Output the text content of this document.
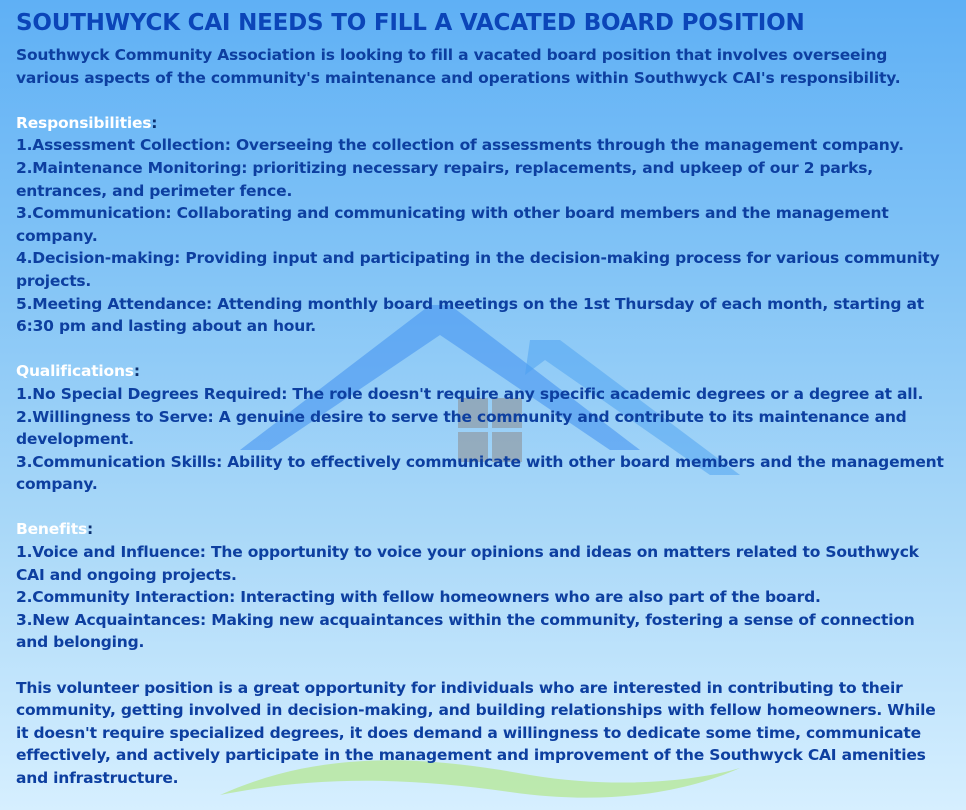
SOUTHWYCK CAI NEEDS TO FILL A VACATED BOARD POSITION

Southwyck Community Association is looking to fill a vacated board position that involves overseeing various aspects of the community's maintenance and operations within Southwyck CAI's responsibility.

Responsibilities:

1.Assessment Collection: Overseeing the collection of assessments through the management company.
2.Maintenance Monitoring: prioritizing necessary repairs, replacements, and upkeep of our 2 parks, entrances, and perimeter fence.
3.Communication: Collaborating and communicating with other board members and the management company.
4.Decision-making: Providing input and participating in the decision-making process for various community projects.
5.Meeting Attendance: Attending monthly board meetings on the 1st Thursday of each month, starting at 6:30 pm and lasting about an hour.

Qualifications:

1.No Special Degrees Required: The role doesn't require any specific academic degrees or a degree at all.
2.Willingness to Serve: A genuine desire to serve the community and contribute to its maintenance and development.
3.Communication Skills: Ability to effectively communicate with other board members and the management company.

Benefits:

1.Voice and Influence: The opportunity to voice your opinions and ideas on matters related to Southwyck CAI and ongoing projects.
2.Community Interaction: Interacting with fellow homeowners who are also part of the board.
3.New Acquaintances: Making new acquaintances within the community, fostering a sense of connection and belonging.

This volunteer position is a great opportunity for individuals who are interested in contributing to their community, getting involved in decision-making, and building relationships with fellow homeowners. While it doesn't require specialized degrees, it does demand a willingness to dedicate some time, communicate effectively, and actively participate in the management and improvement of the Southwyck CAI amenities and infrastructure.
